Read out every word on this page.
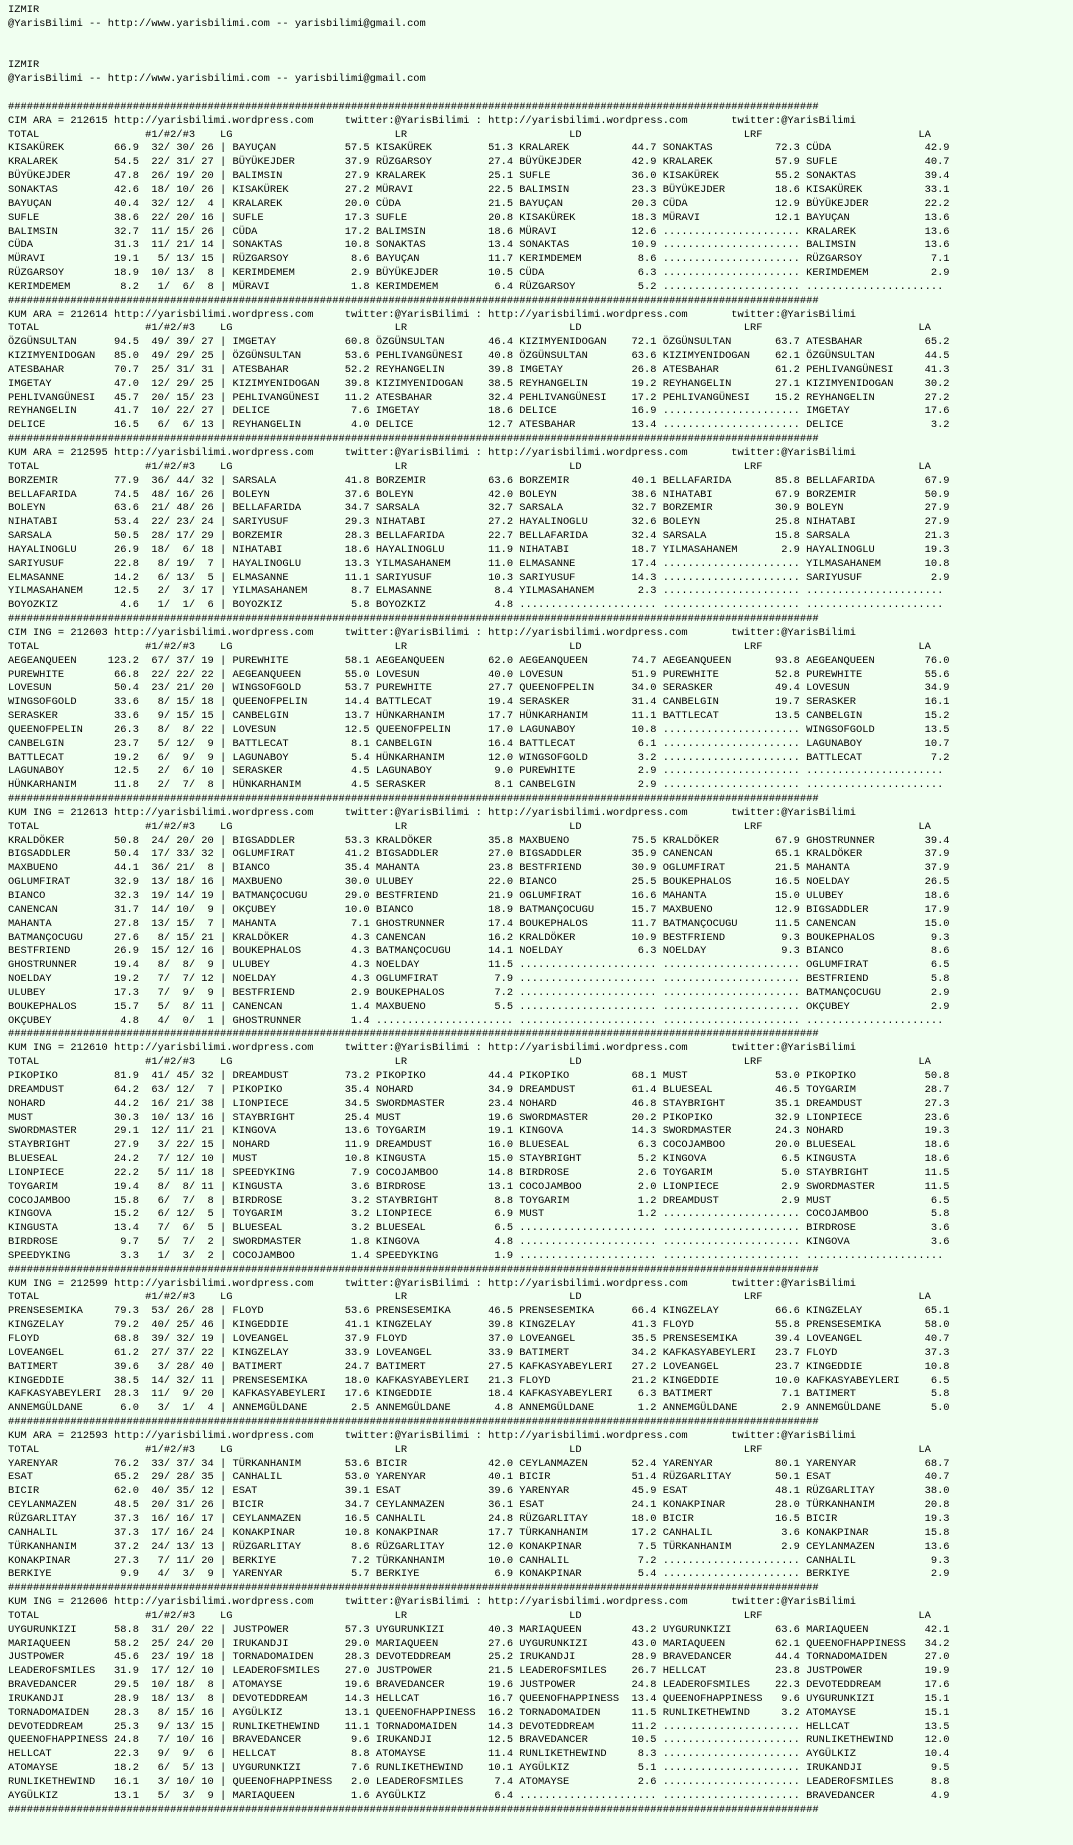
IZMIR
@YarisBilimi -- http://www.yarisbilimi.com -- yarisbilimi@gmail.com

IZMIR
@YarisBilimi -- http://www.yarisbilimi.com -- yarisbilimi@gmail.com

##################################################################################################################################
CIM ARA = 212615 http://yarisbilimi.wordpress.com     twitter:@YarisBilimi : http://yarisbilimi.wordpress.com       twitter:@YarisBilimi
TOTAL                 #1/#2/#3    LG                          LR                          LD                          LRF                         LA
KISAKÜREK        66.9  32/ 30/ 26 | BAYUÇAN           57.5 KISAKÜREK         51.3 KRALAREK          44.7 SONAKTAS          72.3 CÜDA               42.9
KRALAREK         54.5  22/ 31/ 27 | BÜYÜKEJDER        37.9 RÜZGARSOY         27.4 BÜYÜKEJDER        42.9 KRALAREK          57.9 SUFLE              40.7
BÜYÜKEJDER       47.8  26/ 19/ 20 | BALIMSIN          27.9 KRALAREK          25.1 SUFLE             36.0 KISAKÜREK         55.2 SONAKTAS           39.4
SONAKTAS         42.6  18/ 10/ 26 | KISAKÜREK         27.2 MÜRAVI            22.5 BALIMSIN          23.3 BÜYÜKEJDER        18.6 KISAKÜREK          33.1
BAYUÇAN          40.4  32/ 12/  4 | KRALAREK          20.0 CÜDA              21.5 BAYUÇAN           20.3 CÜDA              12.9 BÜYÜKEJDER         22.2
SUFLE            38.6  22/ 20/ 16 | SUFLE             17.3 SUFLE             20.8 KISAKÜREK         18.3 MÜRAVI            12.1 BAYUÇAN            13.6
BALIMSIN         32.7  11/ 15/ 26 | CÜDA              17.2 BALIMSIN          18.6 MÜRAVI            12.6 ...................... KRALAREK           13.6
CÜDA             31.3  11/ 21/ 14 | SONAKTAS          10.8 SONAKTAS          13.4 SONAKTAS          10.9 ...................... BALIMSIN           13.6
MÜRAVI           19.1   5/ 13/ 15 | RÜZGARSOY          8.6 BAYUÇAN           11.7 KERIMDEMEM         8.6 ...................... RÜZGARSOY           7.1
RÜZGARSOY        18.9  10/ 13/  8 | KERIMDEMEM         2.9 BÜYÜKEJDER        10.5 CÜDA               6.3 ...................... KERIMDEMEM          2.9
KERIMDEMEM        8.2   1/  6/  8 | MÜRAVI             1.8 KERIMDEMEM         6.4 RÜZGARSOY          5.2 ...................... ......................
##################################################################################################################################
KUM ARA = 212614 http://yarisbilimi.wordpress.com     twitter:@YarisBilimi : http://yarisbilimi.wordpress.com       twitter:@YarisBilimi
TOTAL                 #1/#2/#3    LG                          LR                          LD                          LRF                         LA
ÖZGÜNSULTAN      94.5  49/ 39/ 27 | IMGETAY           60.8 ÖZGÜNSULTAN       46.4 KIZIMYENIDOGAN    72.1 ÖZGÜNSULTAN       63.7 ATESBAHAR          65.2
KIZIMYENIDOGAN   85.0  49/ 29/ 25 | ÖZGÜNSULTAN       53.6 PEHLIVANGÜNESI    40.8 ÖZGÜNSULTAN       63.6 KIZIMYENIDOGAN    62.1 ÖZGÜNSULTAN        44.5
ATESBAHAR        70.7  25/ 31/ 31 | ATESBAHAR         52.2 REYHANGELIN       39.8 IMGETAY           26.8 ATESBAHAR         61.2 PEHLIVANGÜNESI     41.3
IMGETAY          47.0  12/ 29/ 25 | KIZIMYENIDOGAN    39.8 KIZIMYENIDOGAN    38.5 REYHANGELIN       19.2 REYHANGELIN       27.1 KIZIMYENIDOGAN     30.2
PEHLIVANGÜNESI   45.7  20/ 15/ 23 | PEHLIVANGÜNESI    11.2 ATESBAHAR         32.4 PEHLIVANGÜNESI    17.2 PEHLIVANGÜNESI    15.2 REYHANGELIN        27.2
REYHANGELIN      41.7  10/ 22/ 27 | DELICE             7.6 IMGETAY           18.6 DELICE            16.9 ...................... IMGETAY            17.6
DELICE           16.5   6/  6/ 13 | REYHANGELIN        4.0 DELICE            12.7 ATESBAHAR         13.4 ...................... DELICE              3.2
##################################################################################################################################
KUM ARA = 212595 http://yarisbilimi.wordpress.com     twitter:@YarisBilimi : http://yarisbilimi.wordpress.com       twitter:@YarisBilimi
TOTAL                 #1/#2/#3    LG                          LR                          LD                          LRF                         LA
BORZEMIR         77.9  36/ 44/ 32 | SARSALA           41.8 BORZEMIR          63.6 BORZEMIR          40.1 BELLAFARIDA       85.8 BELLAFARIDA        67.9
BELLAFARIDA      74.5  48/ 16/ 26 | BOLEYN            37.6 BOLEYN            42.0 BOLEYN            38.6 NIHATABI          67.9 BORZEMIR           50.9
BOLEYN           63.6  21/ 48/ 26 | BELLAFARIDA       34.7 SARSALA           32.7 SARSALA           32.7 BORZEMIR          30.9 BOLEYN             27.9
NIHATABI         53.4  22/ 23/ 24 | SARIYUSUF         29.3 NIHATABI          27.2 HAYALINOGLU       32.6 BOLEYN            25.8 NIHATABI           27.9
SARSALA          50.5  28/ 17/ 29 | BORZEMIR          28.3 BELLAFARIDA       22.7 BELLAFARIDA       32.4 SARSALA           15.8 SARSALA            21.3
HAYALINOGLU      26.9  18/  6/ 18 | NIHATABI          18.6 HAYALINOGLU       11.9 NIHATABI          18.7 YILMASAHANEM       2.9 HAYALINOGLU        19.3
SARIYUSUF        22.8   8/ 19/  7 | HAYALINOGLU       13.3 YILMASAHANEM      11.0 ELMASANNE         17.4 ...................... YILMASAHANEM       10.8
ELMASANNE        14.2   6/ 13/  5 | ELMASANNE         11.1 SARIYUSUF         10.3 SARIYUSUF         14.3 ...................... SARIYUSUF           2.9
YILMASAHANEM     12.5   2/  3/ 17 | YILMASAHANEM       8.7 ELMASANNE          8.4 YILMASAHANEM       2.3 ...................... ......................
BOYOZKIZ          4.6   1/  1/  6 | BOYOZKIZ           5.8 BOYOZKIZ           4.8 ...................... ...................... ......................
##################################################################################################################################
CIM ING = 212603 http://yarisbilimi.wordpress.com     twitter:@YarisBilimi : http://yarisbilimi.wordpress.com       twitter:@YarisBilimi
TOTAL                 #1/#2/#3    LG                          LR                          LD                          LRF                         LA
AEGEANQUEEN     123.2  67/ 37/ 19 | PUREWHITE         58.1 AEGEANQUEEN       62.0 AEGEANQUEEN       74.7 AEGEANQUEEN       93.8 AEGEANQUEEN        76.0
PUREWHITE        66.8  22/ 22/ 22 | AEGEANQUEEN       55.0 LOVESUN           40.0 LOVESUN           51.9 PUREWHITE         52.8 PUREWHITE          55.6
LOVESUN          50.4  23/ 21/ 20 | WINGSOFGOLD       53.7 PUREWHITE         27.7 QUEENOFPELIN      34.0 SERASKER          49.4 LOVESUN            34.9
WINGSOFGOLD      33.6   8/ 15/ 18 | QUEENOFPELIN      14.4 BATTLECAT         19.4 SERASKER          31.4 CANBELGIN         19.7 SERASKER           16.1
SERASKER         33.6   9/ 15/ 15 | CANBELGIN         13.7 HÜNKARHANIM       17.7 HÜNKARHANIM       11.1 BATTLECAT         13.5 CANBELGIN          15.2
QUEENOFPELIN     26.3   8/  8/ 22 | LOVESUN           12.5 QUEENOFPELIN      17.0 LAGUNABOY         10.8 ...................... WINGSOFGOLD        13.5
CANBELGIN        23.7   5/ 12/  9 | BATTLECAT          8.1 CANBELGIN         16.4 BATTLECAT          6.1 ...................... LAGUNABOY          10.7
BATTLECAT        19.2   6/  9/  9 | LAGUNABOY          5.4 HÜNKARHANIM       12.0 WINGSOFGOLD        3.2 ...................... BATTLECAT           7.2
LAGUNABOY        12.5   2/  6/ 10 | SERASKER           4.5 LAGUNABOY          9.0 PUREWHITE          2.9 ...................... ......................
HÜNKARHANIM      11.8   2/  7/  8 | HÜNKARHANIM        4.5 SERASKER           8.1 CANBELGIN          2.9 ...................... ......................
##################################################################################################################################
KUM ING = 212613 http://yarisbilimi.wordpress.com     twitter:@YarisBilimi : http://yarisbilimi.wordpress.com       twitter:@YarisBilimi
TOTAL                 #1/#2/#3    LG                          LR                          LD                          LRF                         LA
KRALDÖKER        50.8  24/ 20/ 20 | BIGSADDLER        53.3 KRALDÖKER         35.8 MAXBUENO          75.5 KRALDÖKER         67.9 GHOSTRUNNER        39.4
BIGSADDLER       50.4  17/ 33/ 32 | OGLUMFIRAT        41.2 BIGSADDLER        27.0 BIGSADDLER        35.9 CANENCAN          65.1 KRALDÖKER          37.9
MAXBUENO         44.1  36/ 21/  8 | BIANCO            35.4 MAHANTA           23.8 BESTFRIEND        30.9 OGLUMFIRAT        21.5 MAHANTA            37.9
OGLUMFIRAT       32.9  13/ 18/ 16 | MAXBUENO          30.0 ULUBEY            22.0 BIANCO            25.5 BOUKEPHALOS       16.5 NOELDAY            26.5
BIANCO           32.3  19/ 14/ 19 | BATMANÇOCUGU      29.0 BESTFRIEND        21.9 OGLUMFIRAT        16.6 MAHANTA           15.0 ULUBEY             18.6
CANENCAN         31.7  14/ 10/  9 | OKÇUBEY           10.0 BIANCO            18.9 BATMANÇOCUGU      15.7 MAXBUENO          12.9 BIGSADDLER         17.9
MAHANTA          27.8  13/ 15/  7 | MAHANTA            7.1 GHOSTRUNNER       17.4 BOUKEPHALOS       11.7 BATMANÇOCUGU      11.5 CANENCAN           15.0
BATMANÇOCUGU     27.6   8/ 15/ 21 | KRALDÖKER          4.3 CANENCAN          16.2 KRALDÖKER         10.9 BESTFRIEND         9.3 BOUKEPHALOS         9.3
BESTFRIEND       26.9  15/ 12/ 16 | BOUKEPHALOS        4.3 BATMANÇOCUGU      14.1 NOELDAY            6.3 NOELDAY            9.3 BIANCO              8.6
GHOSTRUNNER      19.4   8/  8/  9 | ULUBEY             4.3 NOELDAY           11.5 ...................... ...................... OGLUMFIRAT          6.5
NOELDAY          19.2   7/  7/ 12 | NOELDAY            4.3 OGLUMFIRAT         7.9 ...................... ...................... BESTFRIEND          5.8
ULUBEY           17.3   7/  9/  9 | BESTFRIEND         2.9 BOUKEPHALOS        7.2 ...................... ...................... BATMANÇOCUGU        2.9
BOUKEPHALOS      15.7   5/  8/ 11 | CANENCAN           1.4 MAXBUENO           5.5 ...................... ...................... OKÇUBEY             2.9
OKÇUBEY           4.8   4/  0/  1 | GHOSTRUNNER        1.4 ...................... ...................... ...................... ......................
##################################################################################################################################
KUM ING = 212610 http://yarisbilimi.wordpress.com     twitter:@YarisBilimi : http://yarisbilimi.wordpress.com       twitter:@YarisBilimi
TOTAL                 #1/#2/#3    LG                          LR                          LD                          LRF                         LA
PIKOPIKO         81.9  41/ 45/ 32 | DREAMDUST         73.2 PIKOPIKO          44.4 PIKOPIKO          68.1 MUST              53.0 PIKOPIKO           50.8
DREAMDUST        64.2  63/ 12/  7 | PIKOPIKO          35.4 NOHARD            34.9 DREAMDUST         61.4 BLUESEAL          46.5 TOYGARIM           28.7
NOHARD           44.2  16/ 21/ 38 | LIONPIECE         34.5 SWORDMASTER       23.4 NOHARD            46.8 STAYBRIGHT        35.1 DREAMDUST          27.3
MUST             30.3  10/ 13/ 16 | STAYBRIGHT        25.4 MUST              19.6 SWORDMASTER       20.2 PIKOPIKO          32.9 LIONPIECE          23.6
SWORDMASTER      29.1  12/ 11/ 21 | KINGOVA           13.6 TOYGARIM          19.1 KINGOVA           14.3 SWORDMASTER       24.3 NOHARD             19.3
STAYBRIGHT       27.9   3/ 22/ 15 | NOHARD            11.9 DREAMDUST         16.0 BLUESEAL           6.3 COCOJAMBOO        20.0 BLUESEAL           18.6
BLUESEAL         24.2   7/ 12/ 10 | MUST              10.8 KINGUSTA          15.0 STAYBRIGHT         5.2 KINGOVA            6.5 KINGUSTA           18.6
LIONPIECE        22.2   5/ 11/ 18 | SPEEDYKING         7.9 COCOJAMBOO        14.8 BIRDROSE           2.6 TOYGARIM           5.0 STAYBRIGHT         11.5
TOYGARIM         19.4   8/  8/ 11 | KINGUSTA           3.6 BIRDROSE          13.1 COCOJAMBOO         2.0 LIONPIECE          2.9 SWORDMASTER        11.5
COCOJAMBOO       15.8   6/  7/  8 | BIRDROSE           3.2 STAYBRIGHT         8.8 TOYGARIM           1.2 DREAMDUST          2.9 MUST                6.5
KINGOVA          15.2   6/ 12/  5 | TOYGARIM           3.2 LIONPIECE          6.9 MUST               1.2 ...................... COCOJAMBOO          5.8
KINGUSTA         13.4   7/  6/  5 | BLUESEAL           3.2 BLUESEAL           6.5 ...................... ...................... BIRDROSE            3.6
BIRDROSE          9.7   5/  7/  2 | SWORDMASTER        1.8 KINGOVA            4.8 ...................... ...................... KINGOVA             3.6
SPEEDYKING        3.3   1/  3/  2 | COCOJAMBOO         1.4 SPEEDYKING         1.9 ...................... ...................... ......................
##################################################################################################################################
KUM ING = 212599 http://yarisbilimi.wordpress.com     twitter:@YarisBilimi : http://yarisbilimi.wordpress.com       twitter:@YarisBilimi
TOTAL                 #1/#2/#3    LG                          LR                          LD                          LRF                         LA
PRENSESEMIKA     79.3  53/ 26/ 28 | FLOYD             53.6 PRENSESEMIKA      46.5 PRENSESEMIKA      66.4 KINGZELAY         66.6 KINGZELAY          65.1
KINGZELAY        79.2  40/ 25/ 46 | KINGEDDIE         41.1 KINGZELAY         39.8 KINGZELAY         41.3 FLOYD             55.8 PRENSESEMIKA       58.0
FLOYD            68.8  39/ 32/ 19 | LOVEANGEL         37.9 FLOYD             37.0 LOVEANGEL         35.5 PRENSESEMIKA      39.4 LOVEANGEL          40.7
LOVEANGEL        61.2  27/ 37/ 22 | KINGZELAY         33.9 LOVEANGEL         33.9 BATIMERT          34.2 KAFKASYABEYLERI   23.7 FLOYD              37.3
BATIMERT         39.6   3/ 28/ 40 | BATIMERT          24.7 BATIMERT          27.5 KAFKASYABEYLERI   27.2 LOVEANGEL         23.7 KINGEDDIE          10.8
KINGEDDIE        38.5  14/ 32/ 11 | PRENSESEMIKA      18.0 KAFKASYABEYLERI   21.3 FLOYD             21.2 KINGEDDIE         10.0 KAFKASYABEYLERI     6.5
KAFKASYABEYLERI  28.3  11/  9/ 20 | KAFKASYABEYLERI   17.6 KINGEDDIE         18.4 KAFKASYABEYLERI    6.3 BATIMERT           7.1 BATIMERT            5.8
ANNEMGÜLDANE      6.0   3/  1/  4 | ANNEMGÜLDANE       2.5 ANNEMGÜLDANE       4.8 ANNEMGÜLDANE       1.2 ANNEMGÜLDANE       2.9 ANNEMGÜLDANE        5.0
##################################################################################################################################
KUM ARA = 212593 http://yarisbilimi.wordpress.com     twitter:@YarisBilimi : http://yarisbilimi.wordpress.com       twitter:@YarisBilimi
TOTAL                 #1/#2/#3    LG                          LR                          LD                          LRF                         LA
YARENYAR         76.2  33/ 37/ 34 | TÜRKANHANIM       53.6 BICIR             42.0 CEYLANMAZEN       52.4 YARENYAR          80.1 YARENYAR           68.7
ESAT             65.2  29/ 28/ 35 | CANHALIL          53.0 YARENYAR          40.1 BICIR             51.4 RÜZGARLITAY       50.1 ESAT               40.7
BICIR            62.0  40/ 35/ 12 | ESAT              39.1 ESAT              39.6 YARENYAR          45.9 ESAT              48.1 RÜZGARLITAY        38.0
CEYLANMAZEN      48.5  20/ 31/ 26 | BICIR             34.7 CEYLANMAZEN       36.1 ESAT              24.1 KONAKPINAR        28.0 TÜRKANHANIM        20.8
RÜZGARLITAY      37.3  16/ 16/ 17 | CEYLANMAZEN       16.5 CANHALIL          24.8 RÜZGARLITAY       18.0 BICIR             16.5 BICIR              19.3
CANHALIL         37.3  17/ 16/ 24 | KONAKPINAR        10.8 KONAKPINAR        17.7 TÜRKANHANIM       17.2 CANHALIL           3.6 KONAKPINAR         15.8
TÜRKANHANIM      37.2  24/ 13/ 13 | RÜZGARLITAY        8.6 RÜZGARLITAY       12.0 KONAKPINAR         7.5 TÜRKANHANIM        2.9 CEYLANMAZEN        13.6
KONAKPINAR       27.3   7/ 11/ 20 | BERKIYE            7.2 TÜRKANHANIM       10.0 CANHALIL           7.2 ...................... CANHALIL            9.3
BERKIYE           9.9   4/  3/  9 | YARENYAR           5.7 BERKIYE            6.9 KONAKPINAR         5.4 ...................... BERKIYE             2.9
##################################################################################################################################
KUM ING = 212606 http://yarisbilimi.wordpress.com     twitter:@YarisBilimi : http://yarisbilimi.wordpress.com       twitter:@YarisBilimi
TOTAL                 #1/#2/#3    LG                          LR                          LD                          LRF                         LA
UYGURUNKIZI      58.8  31/ 20/ 22 | JUSTPOWER         57.3 UYGURUNKIZI       40.3 MARIAQUEEN        43.2 UYGURUNKIZI       63.6 MARIAQUEEN         42.1
MARIAQUEEN       58.2  25/ 24/ 20 | IRUKANDJI         29.0 MARIAQUEEN        27.6 UYGURUNKIZI       43.0 MARIAQUEEN        62.1 QUEENOFHAPPINESS   34.2
JUSTPOWER        45.6  23/ 19/ 18 | TORNADOMAIDEN     28.3 DEVOTEDDREAM      25.2 IRUKANDJI         28.9 BRAVEDANCER       44.4 TORNADOMAIDEN      27.0
LEADEROFSMILES   31.9  17/ 12/ 10 | LEADEROFSMILES    27.0 JUSTPOWER         21.5 LEADEROFSMILES    26.7 HELLCAT           23.8 JUSTPOWER          19.9
BRAVEDANCER      29.5  10/ 18/  8 | ATOMAYSE          19.6 BRAVEDANCER       19.6 JUSTPOWER         24.8 LEADEROFSMILES    22.3 DEVOTEDDREAM       17.6
IRUKANDJI        28.9  18/ 13/  8 | DEVOTEDDREAM      14.3 HELLCAT           16.7 QUEENOFHAPPINESS  13.4 QUEENOFHAPPINESS   9.6 UYGURUNKIZI        15.1
TORNADOMAIDEN    28.3   8/ 15/ 16 | AYGÜLKIZ          13.1 QUEENOFHAPPINESS  16.2 TORNADOMAIDEN     11.5 RUNLIKETHEWIND     3.2 ATOMAYSE           15.1
DEVOTEDDREAM     25.3   9/ 13/ 15 | RUNLIKETHEWIND    11.1 TORNADOMAIDEN     14.3 DEVOTEDDREAM      11.2 ...................... HELLCAT            13.5
QUEENOFHAPPINESS 24.8   7/ 10/ 16 | BRAVEDANCER        9.6 IRUKANDJI         12.5 BRAVEDANCER       10.5 ...................... RUNLIKETHEWIND     12.0
HELLCAT          22.3   9/  9/  6 | HELLCAT            8.8 ATOMAYSE          11.4 RUNLIKETHEWIND     8.3 ...................... AYGÜLKIZ           10.4
ATOMAYSE         18.2   6/  5/ 13 | UYGURUNKIZI        7.6 RUNLIKETHEWIND    10.1 AYGÜLKIZ           5.1 ...................... IRUKANDJI           9.5
RUNLIKETHEWIND   16.1   3/ 10/ 10 | QUEENOFHAPPINESS   2.0 LEADEROFSMILES     7.4 ATOMAYSE           2.6 ...................... LEADEROFSMILES      8.8
AYGÜLKIZ         13.1   5/  3/  9 | MARIAQUEEN         1.6 AYGÜLKIZ           6.4 ...................... ...................... BRAVEDANCER         4.9
##################################################################################################################################
